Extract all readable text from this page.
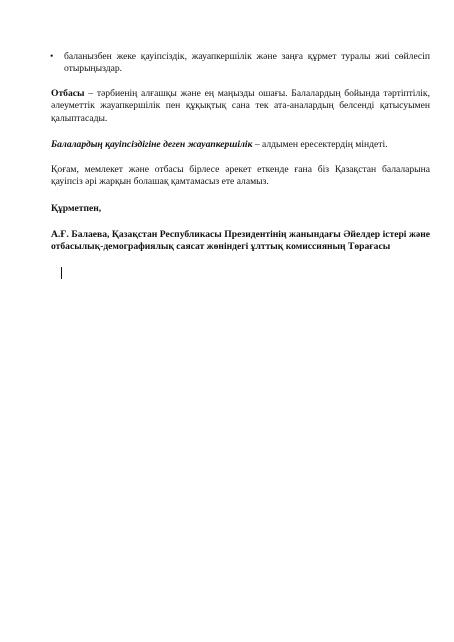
• баланызбен жеке қауіпсіздік, жауапкершілік және заңға құрмет туралы жиі сөйлесіп отырыңыздар.

Отбасы – тәрбиенің алғашқы және ең маңызды ошағы. Балалардың бойында тәртіптілік, әлеуметтік жауапкершілік пен құқықтық сана тек ата-аналардың белсенді қатысуымен қалыптасады.

Балалардың қауіпсіздігіне деген жауапкершілік – алдымен ересектердің міндеті.

Қоғам, мемлекет және отбасы бірлесе әрекет еткенде ғана біз Қазақстан балаларына қауіпсіз әрі жарқын болашақ қамтамасыз ете аламыз.

Құрметпен,
А.Ғ. Балаева, Қазақстан Республикасы Президентінің жанындағы Әйелдер істері және отбасылық-демографиялық саясат жөніндегі ұлттық комиссияның Төрағасы
